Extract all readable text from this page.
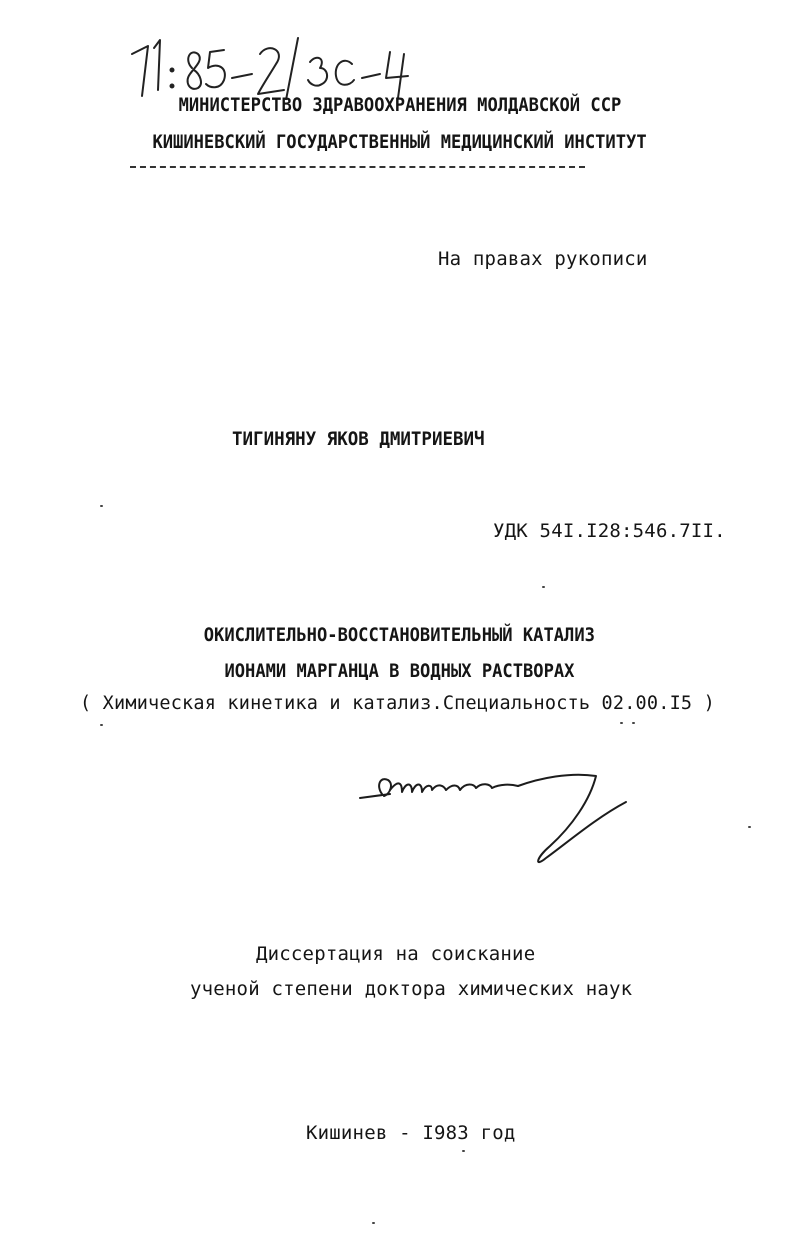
71: 85-2/30-4	МИНИСТЕРСТВО ЗДРАВООХРАНЕНИЯ МОЛДАВСКОЙ ССР
КИШИНЕВСКИЙ ГОСУДАРСТВЕННЫЙ МЕДИЦИНСКИЙ ИНСТИТУТ
На правах рукописи
ТИГИНЯНУ ЯКОВ ДМИТРИЕВИЧ
УДК 54I.I28:546.7II.
ОКИСЛИТЕЛЬНО-ВОССТАНОВИТЕЛЬНЫЙ КАТАЛИЗ
ИОНАМИ МАРГАНЦА В ВОДНЫХ РАСТВОРАХ
( Химическая кинетика и катализ.Специальность 02.00.I5 )
signature
Диссертация на соискание
ученой степени доктора химических наук
Кишинев - I983 год
